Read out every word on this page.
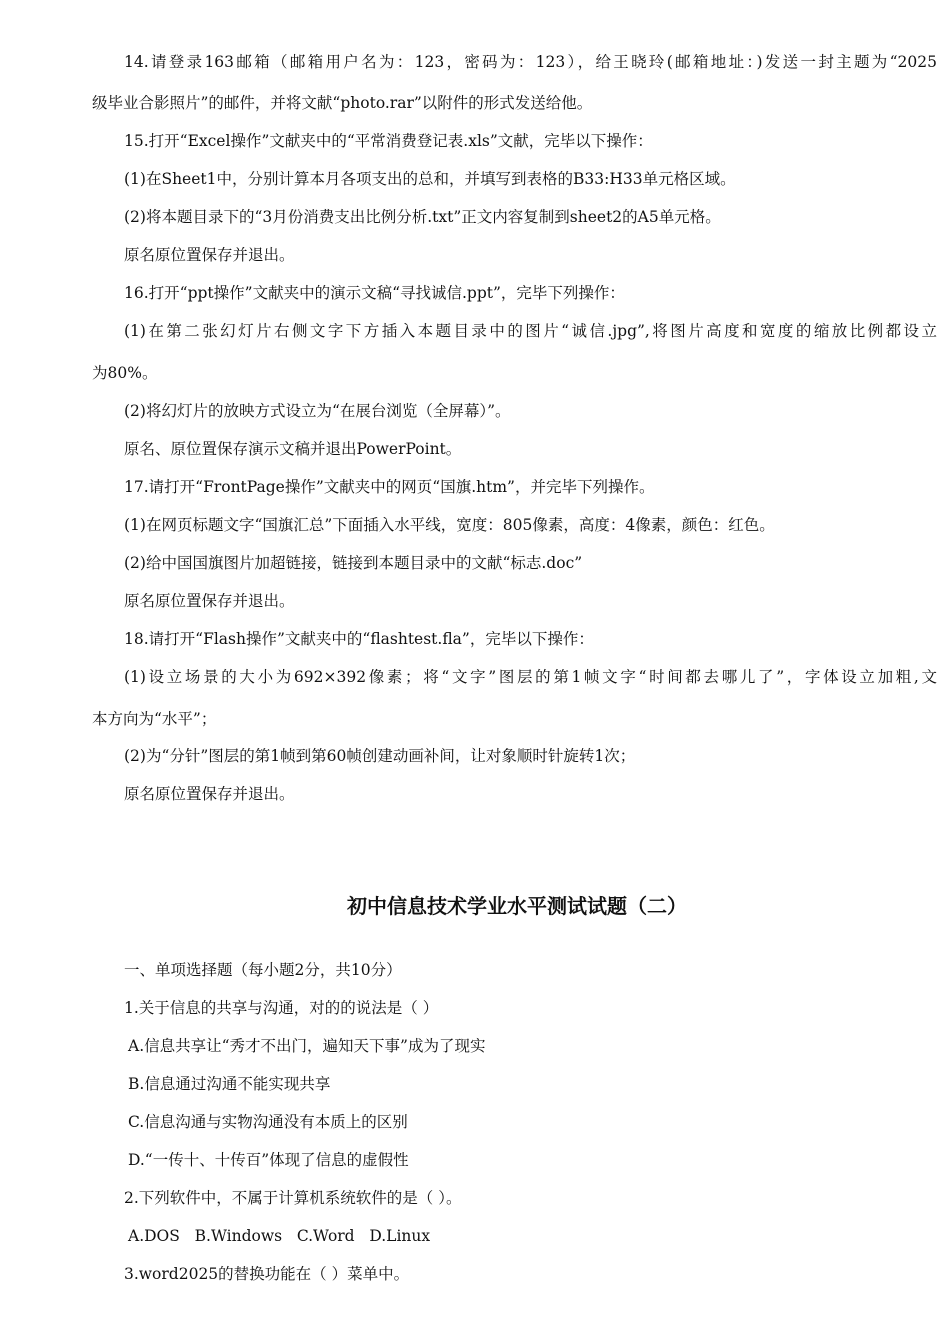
14.请登录163邮箱（邮箱用户名为：123，密码为：123），给王晓玲(邮箱地址：)发送一封主题为“2025

级毕业合影照片”的邮件，并将文献“photo.rar”以附件的形式发送给他。

15.打开“Excel操作”文献夹中的“平常消费登记表.xls”文献，完毕以下操作：

(1)在Sheet1中，分别计算本月各项支出的总和，并填写到表格的B33:H33单元格区域。

(2)将本题目录下的“3月份消费支出比例分析.txt”正文内容复制到sheet2的A5单元格。

原名原位置保存并退出。

16.打开“ppt操作”文献夹中的演示文稿“寻找诚信.ppt”，完毕下列操作：

(1)在第二张幻灯片右侧文字下方插入本题目录中的图片“诚信.jpg”,将图片高度和宽度的缩放比例都设立

为80%。

(2)将幻灯片的放映方式设立为“在展台浏览（全屏幕）”。

原名、原位置保存演示文稿并退出PowerPoint。

17.请打开“FrontPage操作”文献夹中的网页“国旗.htm”，并完毕下列操作。

(1)在网页标题文字“国旗汇总”下面插入水平线，宽度：805像素，高度：4像素，颜色：红色。

(2)给中国国旗图片加超链接，链接到本题目录中的文献“标志.doc”

原名原位置保存并退出。

18.请打开“Flash操作”文献夹中的“flashtest.fla”，完毕以下操作：

(1)设立场景的大小为692×392像素；将“文字”图层的第1帧文字“时间都去哪儿了”，字体设立加粗,文

本方向为“水平”；

(2)为“分针”图层的第1帧到第60帧创建动画补间，让对象顺时针旋转1次；

原名原位置保存并退出。

初中信息技术学业水平测试试题（二）

一、单项选择题（每小题2分，共10分）

1.关于信息的共享与沟通，对的的说法是（ ）

A.信息共享让“秀才不出门，遍知天下事”成为了现实

B.信息通过沟通不能实现共享

C.信息沟通与实物沟通没有本质上的区别

D.“一传十、十传百”体现了信息的虚假性

2.下列软件中，不属于计算机系统软件的是（ ）。

A.DOS   B.Windows   C.Word   D.Linux

3.word2025的替换功能在（ ）菜单中。
